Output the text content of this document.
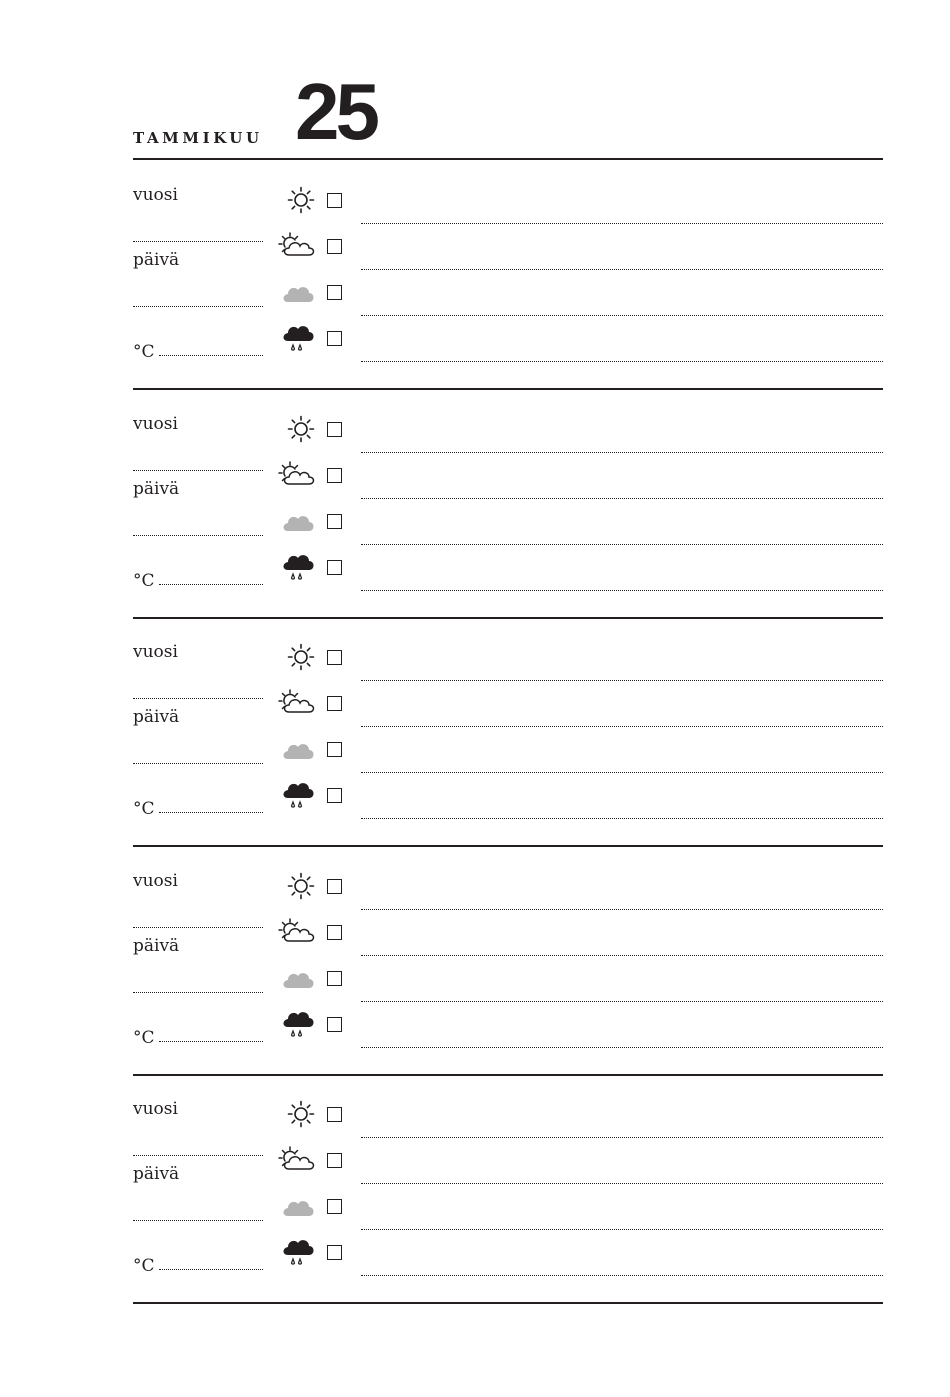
TAMMIKUU 25
vuosi
päivä
°C
vuosi
päivä
°C
vuosi
päivä
°C
vuosi
päivä
°C
vuosi
päivä
°C
